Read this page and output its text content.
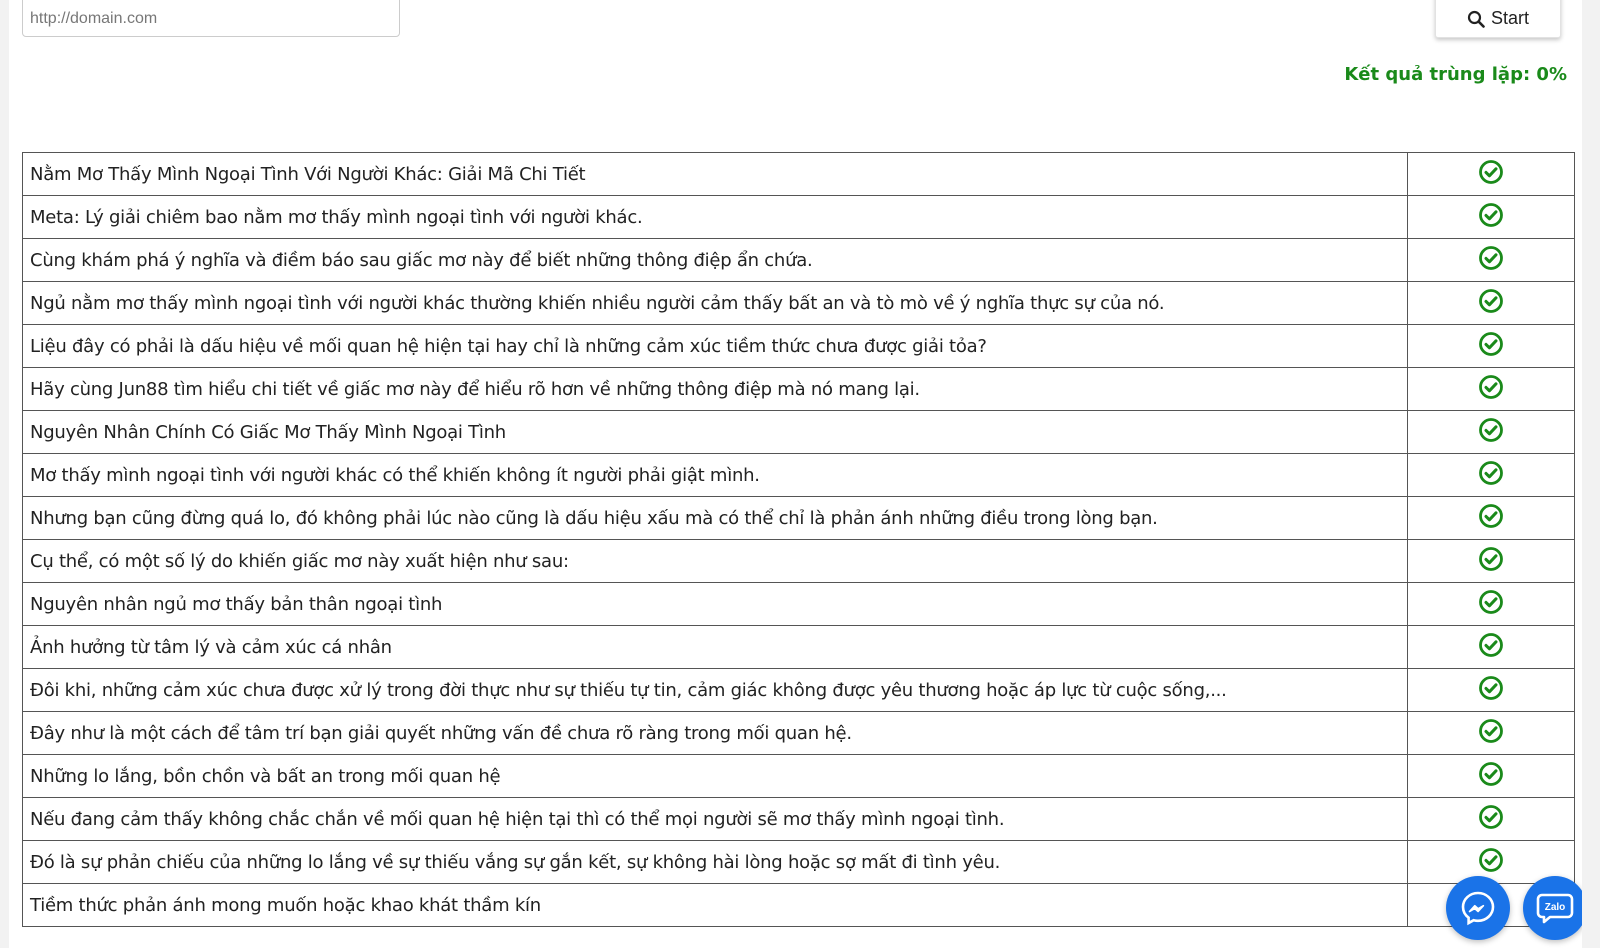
http://domain.com
Start
Kết quả trùng lặp: 0%
Nằm Mơ Thấy Mình Ngoại Tình Với Người Khác: Giải Mã Chi Tiết	
Meta: Lý giải chiêm bao nằm mơ thấy mình ngoại tình với người khác.	
Cùng khám phá ý nghĩa và điềm báo sau giấc mơ này để biết những thông điệp ẩn chứa.	
Ngủ nằm mơ thấy mình ngoại tình với người khác thường khiến nhiều người cảm thấy bất an và tò mò về ý nghĩa thực sự của nó.	
Liệu đây có phải là dấu hiệu về mối quan hệ hiện tại hay chỉ là những cảm xúc tiềm thức chưa được giải tỏa?	
Hãy cùng Jun88 tìm hiểu chi tiết về giấc mơ này để hiểu rõ hơn về những thông điệp mà nó mang lại.	
Nguyên Nhân Chính Có Giấc Mơ Thấy Mình Ngoại Tình	
Mơ thấy mình ngoại tình với người khác có thể khiến không ít người phải giật mình.	
Nhưng bạn cũng đừng quá lo, đó không phải lúc nào cũng là dấu hiệu xấu mà có thể chỉ là phản ánh những điều trong lòng bạn.	
Cụ thể, có một số lý do khiến giấc mơ này xuất hiện như sau:	
Nguyên nhân ngủ mơ thấy bản thân ngoại tình	
Ảnh hưởng từ tâm lý và cảm xúc cá nhân	
Đôi khi, những cảm xúc chưa được xử lý trong đời thực như sự thiếu tự tin, cảm giác không được yêu thương hoặc áp lực từ cuộc sống,...	
Đây như là một cách để tâm trí bạn giải quyết những vấn đề chưa rõ ràng trong mối quan hệ.	
Những lo lắng, bồn chồn và bất an trong mối quan hệ	
Nếu đang cảm thấy không chắc chắn về mối quan hệ hiện tại thì có thể mọi người sẽ mơ thấy mình ngoại tình.	
Đó là sự phản chiếu của những lo lắng về sự thiếu vắng sự gắn kết, sự không hài lòng hoặc sợ mất đi tình yêu.	
Tiềm thức phản ánh mong muốn hoặc khao khát thầm kín		Zalo
